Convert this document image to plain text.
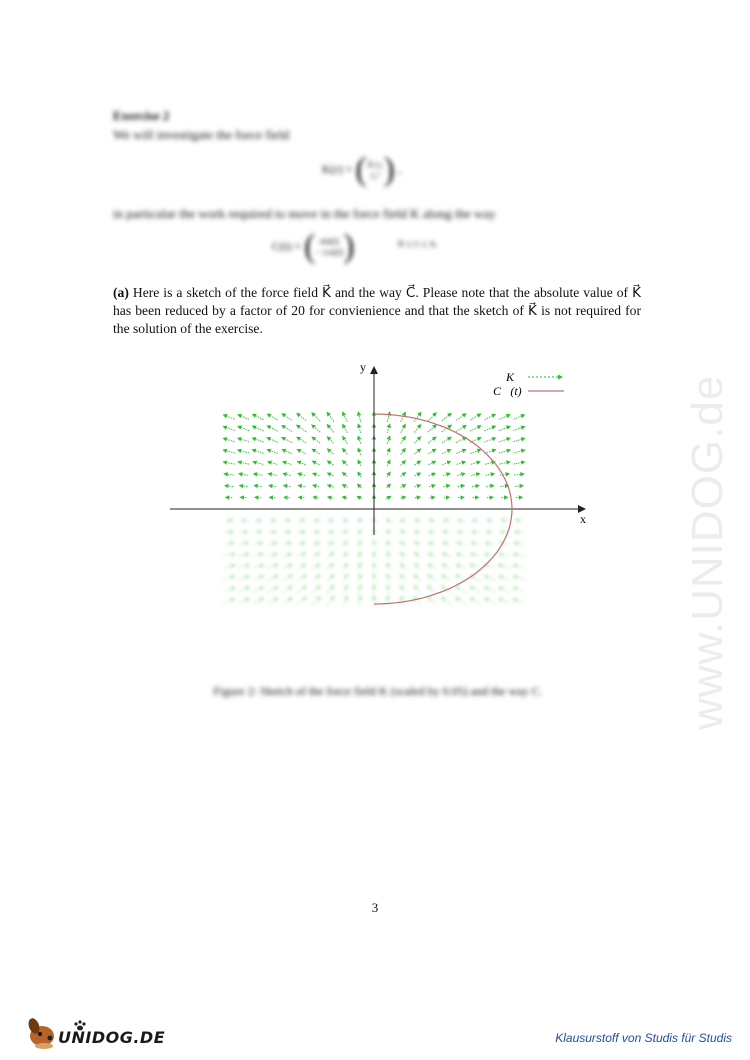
Exercise 2
We will investigate the force field
K(r) = (2r₁r₂
r₂² ) ,
in particular the work required to move in the force field K along the way
C(t) = ( sin(t)
− cos(t))	0 ≤ t ≤ π.
(a) Here is a sketch of the force field K⃗ and the way C⃗. Please note that the absolute value of K⃗ has been reduced by a factor of 20 for convienience and that the sketch of K⃗ is not required for the solution of the exercise.
x
y
K⃗
C⃗(t)
Figure 2: Sketch of the force field K (scaled by 0.05) and the way C.
3
www.UNIDOG.de
UNIDOG.DE	Klausurstoff von Studis für Studis
